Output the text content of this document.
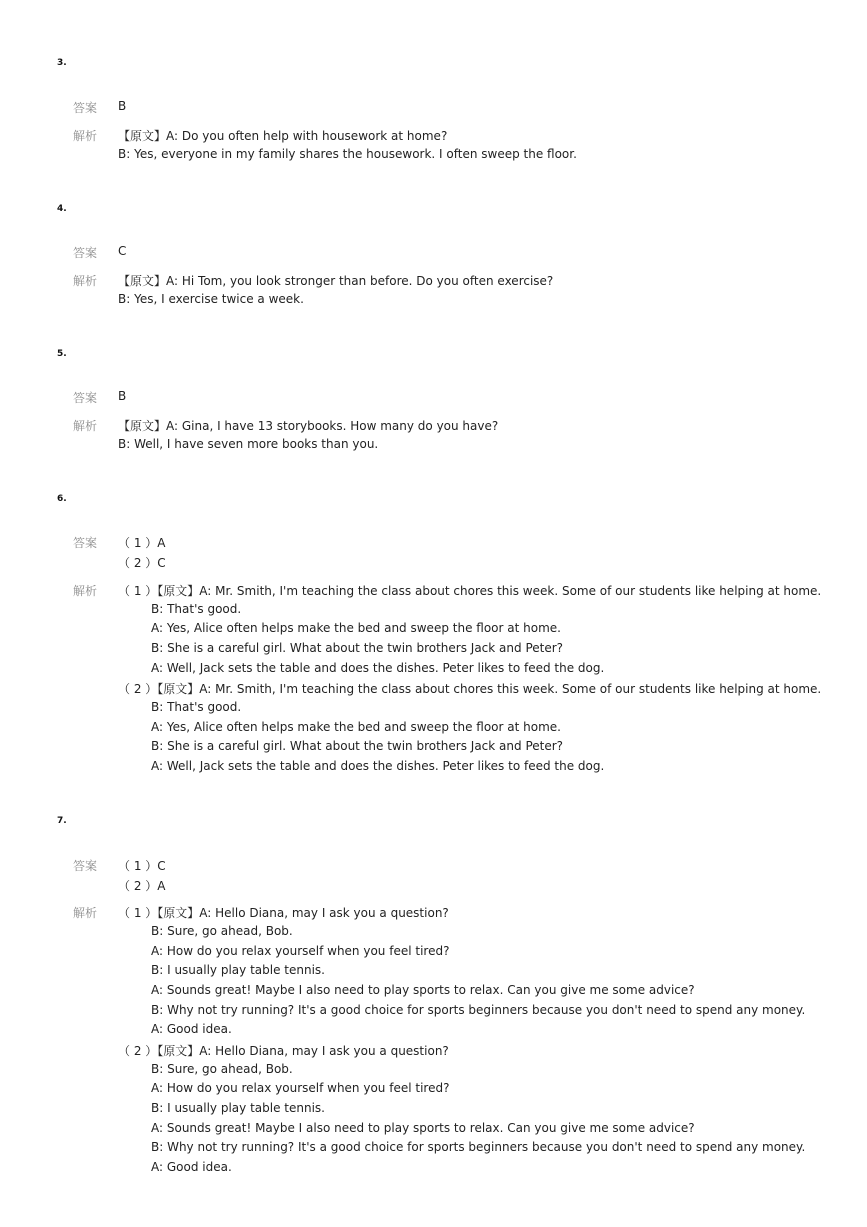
3.
答案 B
解析 【原文】A: Do you often help with housework at home?
B: Yes, everyone in my family shares the housework. I often sweep the floor.
4.
答案 C
解析 【原文】A: Hi Tom, you look stronger than before. Do you often exercise?
B: Yes, I exercise twice a week.
5.
答案 B
解析 【原文】A: Gina, I have 13 storybooks. How many do you have?
B: Well, I have seven more books than you.
6.
答案 （ 1 ）A
（ 2 ）C
解析 （ 1 ）【原文】A: Mr. Smith, I'm teaching the class about chores this week. Some of our students like helping at home.
B: That's good.
A: Yes, Alice often helps make the bed and sweep the floor at home.
B: She is a careful girl. What about the twin brothers Jack and Peter?
A: Well, Jack sets the table and does the dishes. Peter likes to feed the dog.
（ 2 ）【原文】A: Mr. Smith, I'm teaching the class about chores this week. Some of our students like helping at home.
B: That's good.
A: Yes, Alice often helps make the bed and sweep the floor at home.
B: She is a careful girl. What about the twin brothers Jack and Peter?
A: Well, Jack sets the table and does the dishes. Peter likes to feed the dog.
7.
答案 （ 1 ）C
（ 2 ）A
解析 （ 1 ）【原文】A: Hello Diana, may I ask you a question?
B: Sure, go ahead, Bob.
A: How do you relax yourself when you feel tired?
B: I usually play table tennis.
A: Sounds great! Maybe I also need to play sports to relax. Can you give me some advice?
B: Why not try running? It's a good choice for sports beginners because you don't need to spend any money.
A: Good idea.
（ 2 ）【原文】A: Hello Diana, may I ask you a question?
B: Sure, go ahead, Bob.
A: How do you relax yourself when you feel tired?
B: I usually play table tennis.
A: Sounds great! Maybe I also need to play sports to relax. Can you give me some advice?
B: Why not try running? It's a good choice for sports beginners because you don't need to spend any money.
A: Good idea.
